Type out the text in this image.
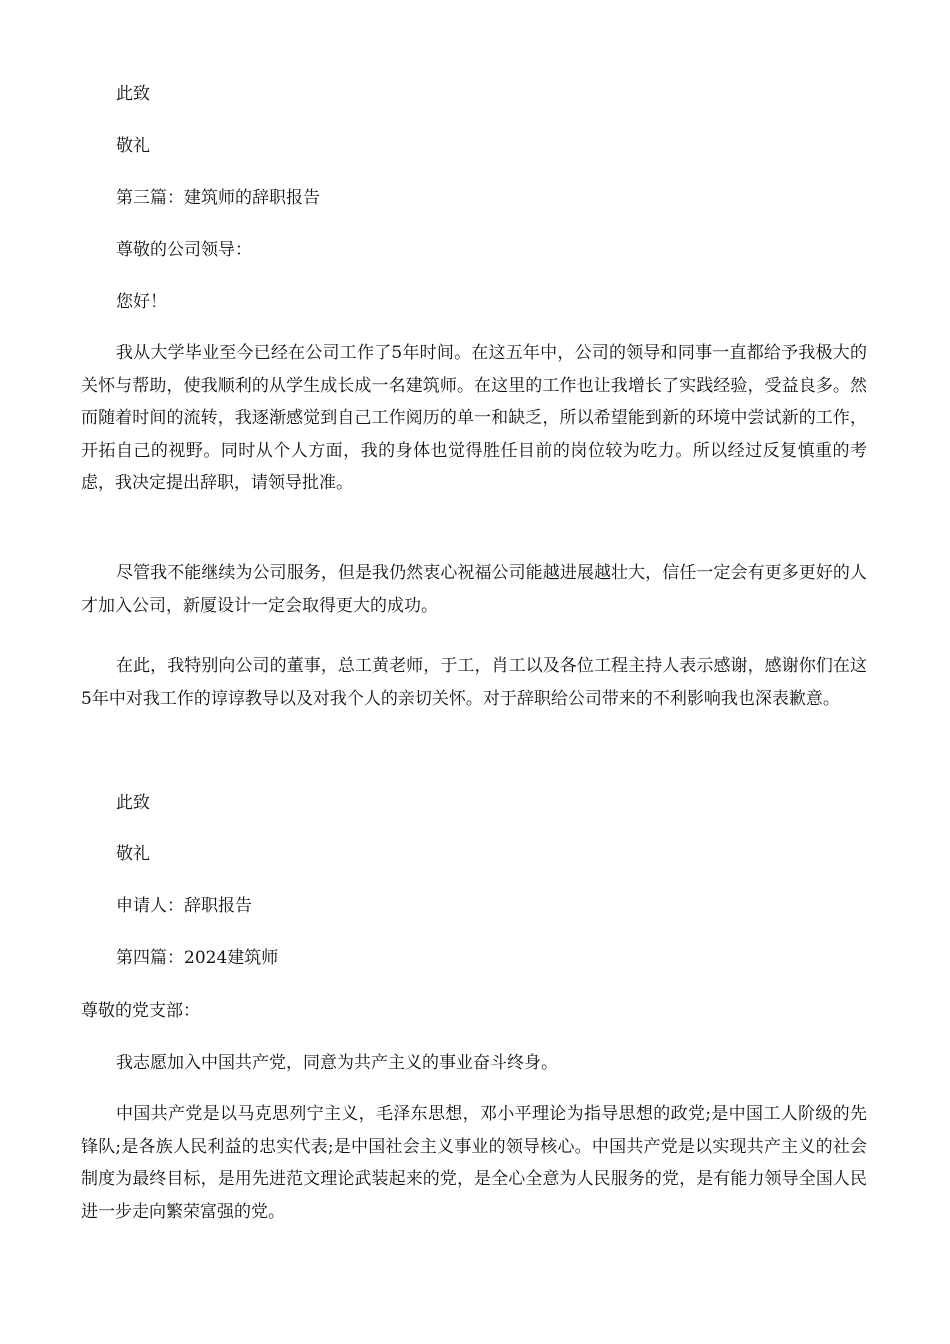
此致
敬礼
第三篇：建筑师的辞职报告
尊敬的公司领导：
您好！
我从大学毕业至今已经在公司工作了5年时间。在这五年中，公司的领导和同事一直都给予我极大的关怀与帮助，使我顺利的从学生成长成一名建筑师。在这里的工作也让我增长了实践经验，受益良多。然而随着时间的流转，我逐渐感觉到自己工作阅历的单一和缺乏，所以希望能到新的环境中尝试新的工作，开拓自己的视野。同时从个人方面，我的身体也觉得胜任目前的岗位较为吃力。所以经过反复慎重的考虑，我决定提出辞职，请领导批准。
尽管我不能继续为公司服务，但是我仍然衷心祝福公司能越进展越壮大，信任一定会有更多更好的人才加入公司，新厦设计一定会取得更大的成功。
在此，我特别向公司的董事，总工黄老师，于工，肖工以及各位工程主持人表示感谢，感谢你们在这5年中对我工作的谆谆教导以及对我个人的亲切关怀。对于辞职给公司带来的不利影响我也深表歉意。
此致
敬礼
申请人：辞职报告
第四篇：2024建筑师
尊敬的党支部：
我志愿加入中国共产党，同意为共产主义的事业奋斗终身。
中国共产党是以马克思列宁主义，毛泽东思想，邓小平理论为指导思想的政党;是中国工人阶级的先锋队;是各族人民利益的忠实代表;是中国社会主义事业的领导核心。中国共产党是以实现共产主义的社会制度为最终目标，是用先进范文理论武装起来的党，是全心全意为人民服务的党，是有能力领导全国人民进一步走向繁荣富强的党。
